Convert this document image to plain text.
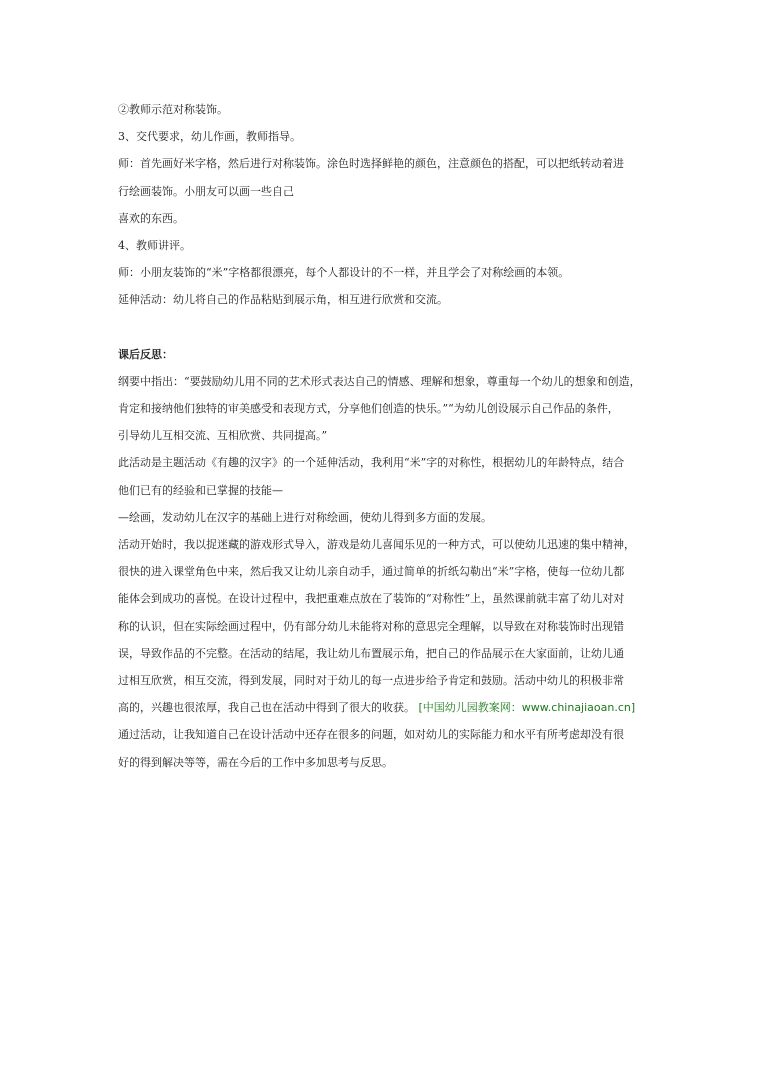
②教师示范对称装饰。

3、交代要求，幼儿作画，教师指导。

师：首先画好米字格，然后进行对称装饰。涂色时选择鲜艳的颜色，注意颜色的搭配，可以把纸转动着进

行绘画装饰。小朋友可以画一些自己

喜欢的东西。

4、教师讲评。

师：小朋友装饰的“米”字格都很漂亮，每个人都设计的不一样，并且学会了对称绘画的本领。

延伸活动：幼儿将自己的作品粘贴到展示角，相互进行欣赏和交流。

课后反思：

纲要中指出：“要鼓励幼儿用不同的艺术形式表达自己的情感、理解和想象，尊重每一个幼儿的想象和创造，

肯定和接纳他们独特的审美感受和表现方式，分享他们创造的快乐。”“为幼儿创设展示自己作品的条件，

引导幼儿互相交流、互相欣赏、共同提高。”

此活动是主题活动《有趣的汉字》的一个延伸活动，我利用“米”字的对称性，根据幼儿的年龄特点，结合

他们已有的经验和已掌握的技能—

—绘画，发动幼儿在汉字的基础上进行对称绘画，使幼儿得到多方面的发展。

活动开始时，我以捉迷藏的游戏形式导入，游戏是幼儿喜闻乐见的一种方式，可以使幼儿迅速的集中精神，

很快的进入课堂角色中来，然后我又让幼儿亲自动手，通过简单的折纸勾勒出“米”字格，使每一位幼儿都

能体会到成功的喜悦。在设计过程中，我把重难点放在了装饰的“对称性”上，虽然课前就丰富了幼儿对对

称的认识，但在实际绘画过程中，仍有部分幼儿未能将对称的意思完全理解，以导致在对称装饰时出现错

误，导致作品的不完整。在活动的结尾，我让幼儿布置展示角，把自己的作品展示在大家面前，让幼儿通

过相互欣赏，相互交流，得到发展，同时对于幼儿的每一点进步给予肯定和鼓励。活动中幼儿的积极非常

高的，兴趣也很浓厚，我自己也在活动中得到了很大的收获。 [中国幼儿园教案网：www.chinajiaoan.cn]

通过活动，让我知道自己在设计活动中还存在很多的问题，如对幼儿的实际能力和水平有所考虑却没有很

好的得到解决等等，需在今后的工作中多加思考与反思。
